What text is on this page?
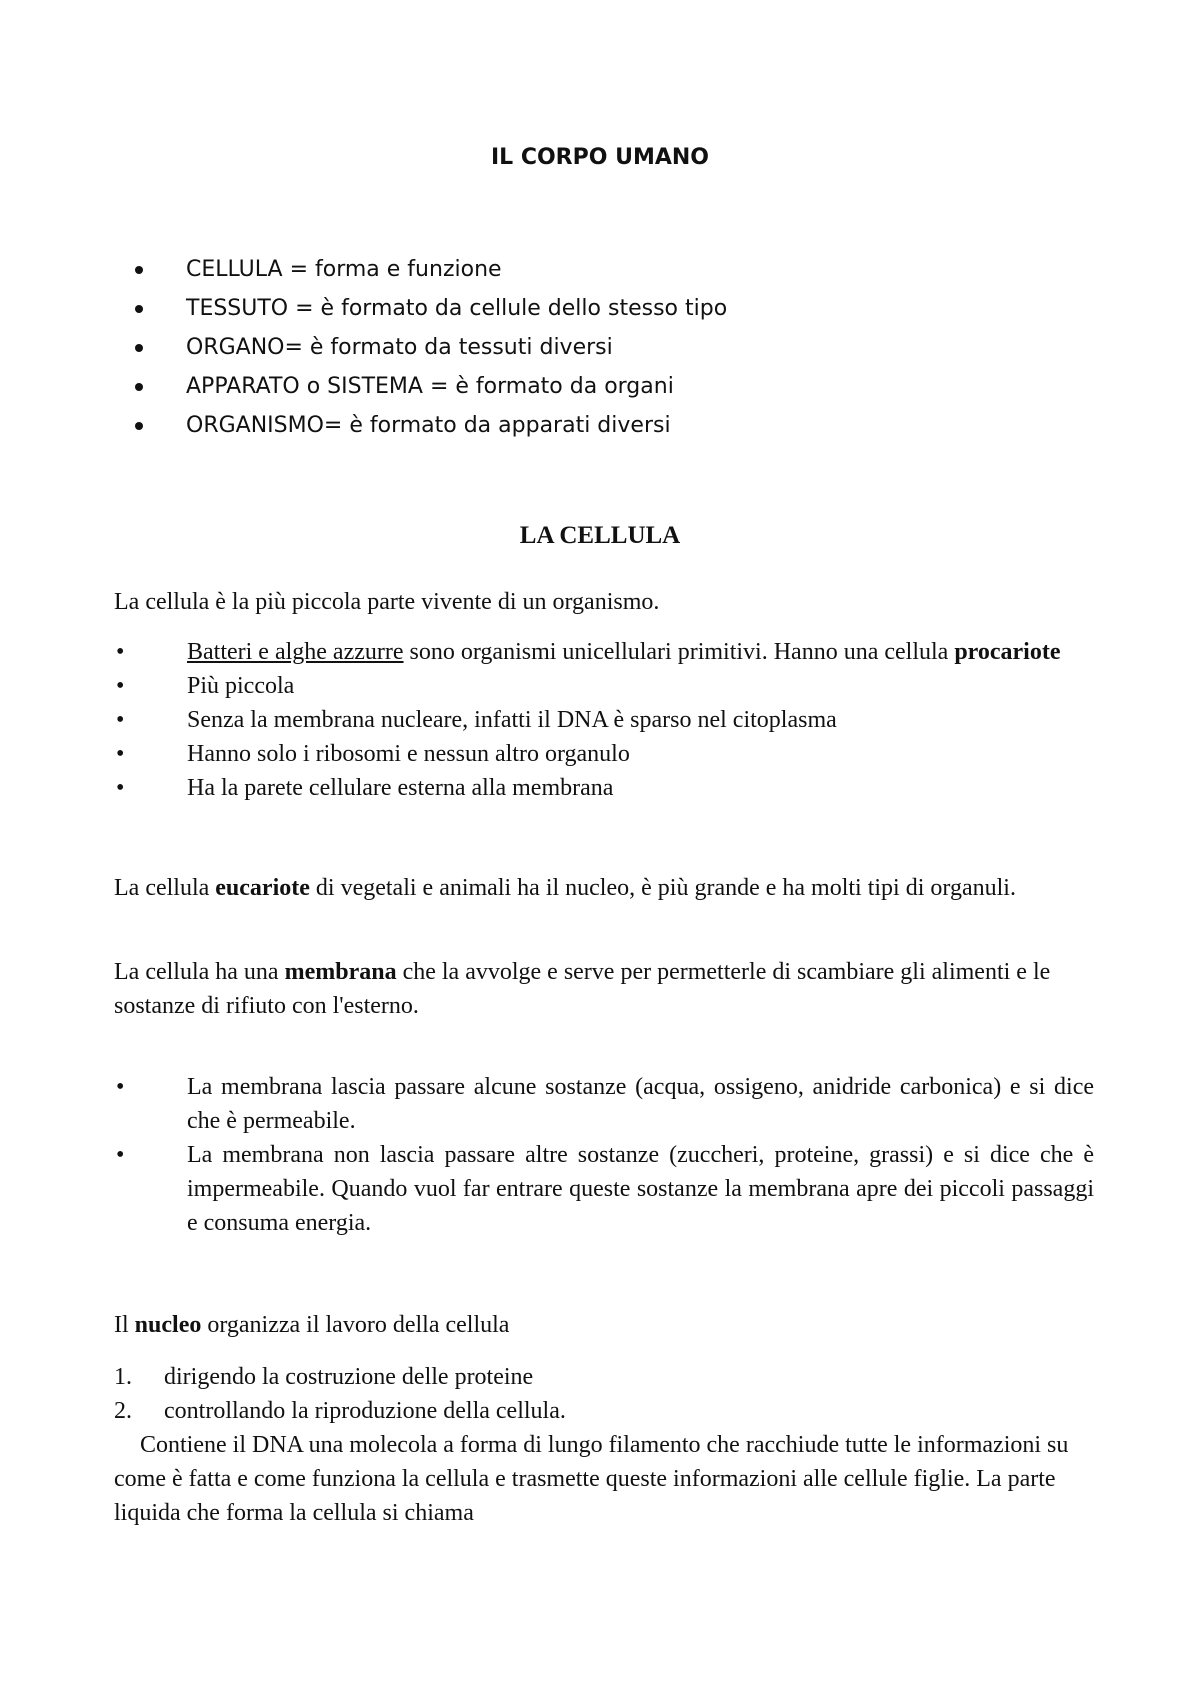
IL CORPO UMANO
CELLULA = forma e funzione
TESSUTO = è formato da cellule dello stesso tipo
ORGANO= è formato da tessuti diversi
APPARATO o SISTEMA = è formato da organi
ORGANISMO= è formato da apparati diversi
LA CELLULA

La cellula è la più piccola parte vivente di un organismo.

•	Batteri e alghe azzurre sono organismi unicellulari primitivi. Hanno una cellula procariote
•	Più piccola
•	Senza la membrana nucleare, infatti il DNA è sparso nel citoplasma
•	Hanno solo i ribosomi e nessun altro organulo
•	Ha la parete cellulare esterna alla membrana

La cellula eucariote di vegetali e animali ha il nucleo, è più grande e ha molti tipi di organuli.

La cellula ha una membrana che la avvolge e serve per permetterle di scambiare gli alimenti e le sostanze di rifiuto con l'esterno.

•	La membrana lascia passare alcune sostanze (acqua, ossigeno, anidride carbonica) e si dice che è permeabile.
•	La membrana non lascia passare altre sostanze (zuccheri, proteine, grassi) e si dice che è impermeabile. Quando vuol far entrare queste sostanze la membrana apre dei piccoli passaggi e consuma energia.

Il nucleo organizza il lavoro della cellula

1. dirigendo la costruzione delle proteine
2. controllando la riproduzione della cellula.

Contiene il DNA una molecola a forma di lungo filamento che racchiude tutte le informazioni su come è fatta e come funziona la cellula e trasmette queste informazioni alle cellule figlie. La parte liquida che forma la cellula si chiama
